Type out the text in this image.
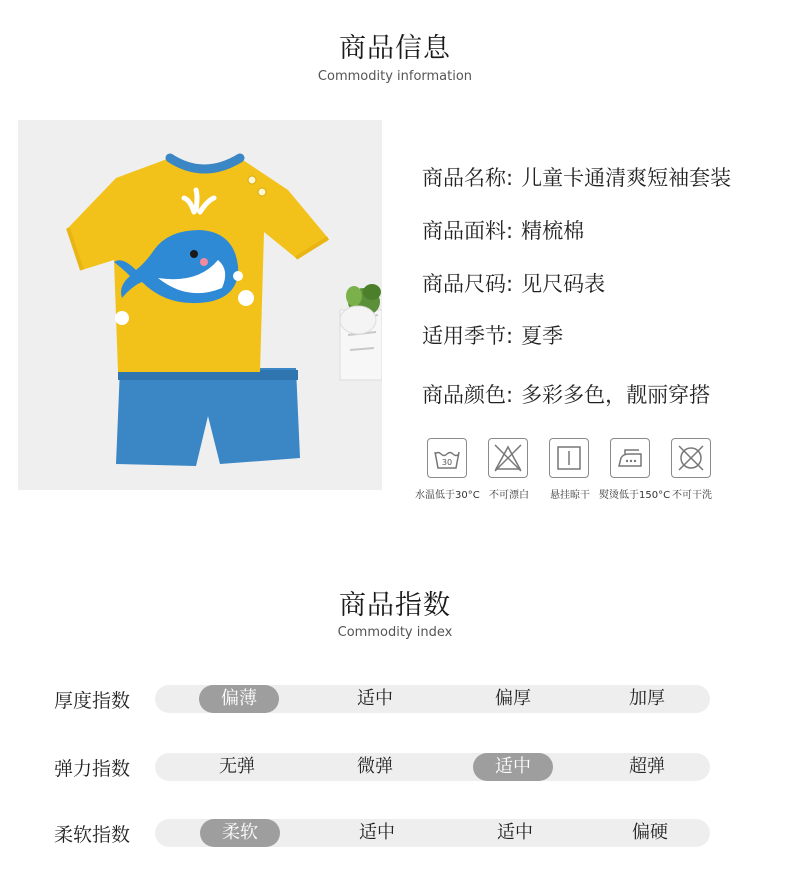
商品信息
Commodity information
商品名称: 儿童卡通清爽短袖套装
商品面料: 精梳棉
商品尺码: 见尺码表
适用季节: 夏季
商品颜色: 多彩多色，靓丽穿搭
30
水温低于30°C 不可漂白 悬挂晾干 熨烫低于150°C 不可干洗
商品指数
Commodity index
厚度指数	偏薄	适中	偏厚	加厚
弹力指数	无弹	微弹	适中	超弹
柔软指数	柔软	适中	适中	偏硬
